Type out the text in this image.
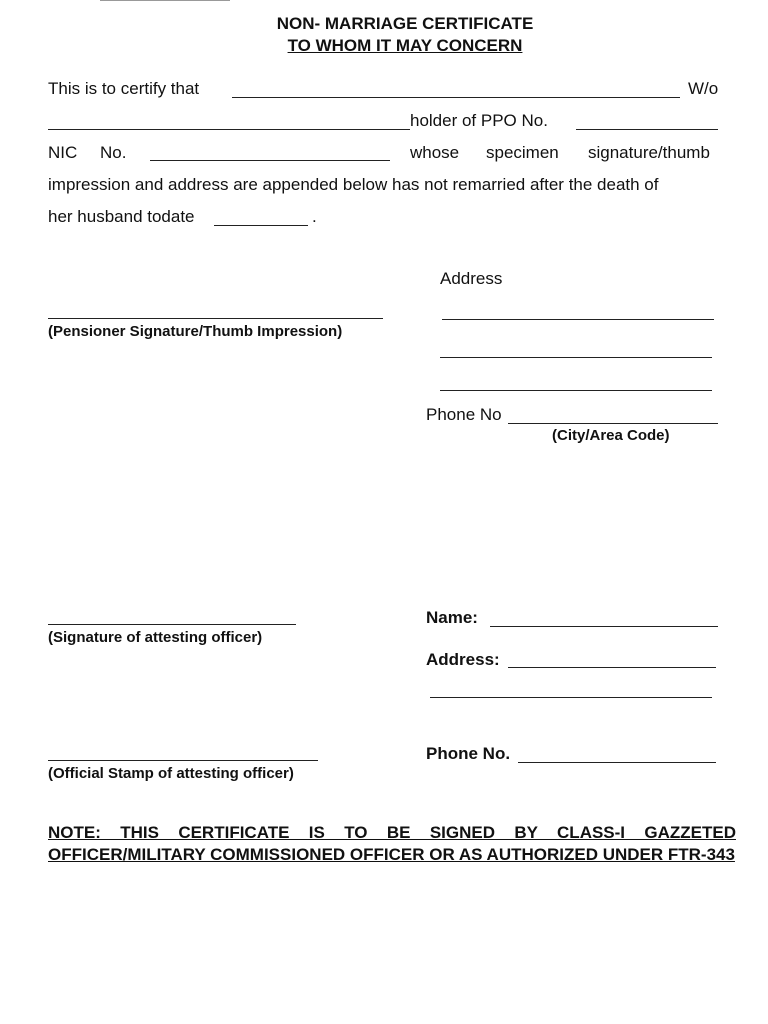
NON- MARRIAGE CERTIFICATE
TO WHOM IT MAY CONCERN
This is to certify that	W/o
holder of PPO No.
NIC No.	whose specimen signature/thumb
impression and address are appended below has not remarried after the death of
her husband todate	.
Address
(Pensioner Signature/Thumb Impression)
Phone No
(City/Area Code)
(Signature of attesting officer)
Name:
Address:
(Official Stamp of attesting officer)
Phone No.
NOTE: THIS CERTIFICATE IS TO BE SIGNED BY CLASS-I GAZZETED OFFICER/MILITARY COMMISSIONED OFFICER OR AS AUTHORIZED UNDER FTR-343
